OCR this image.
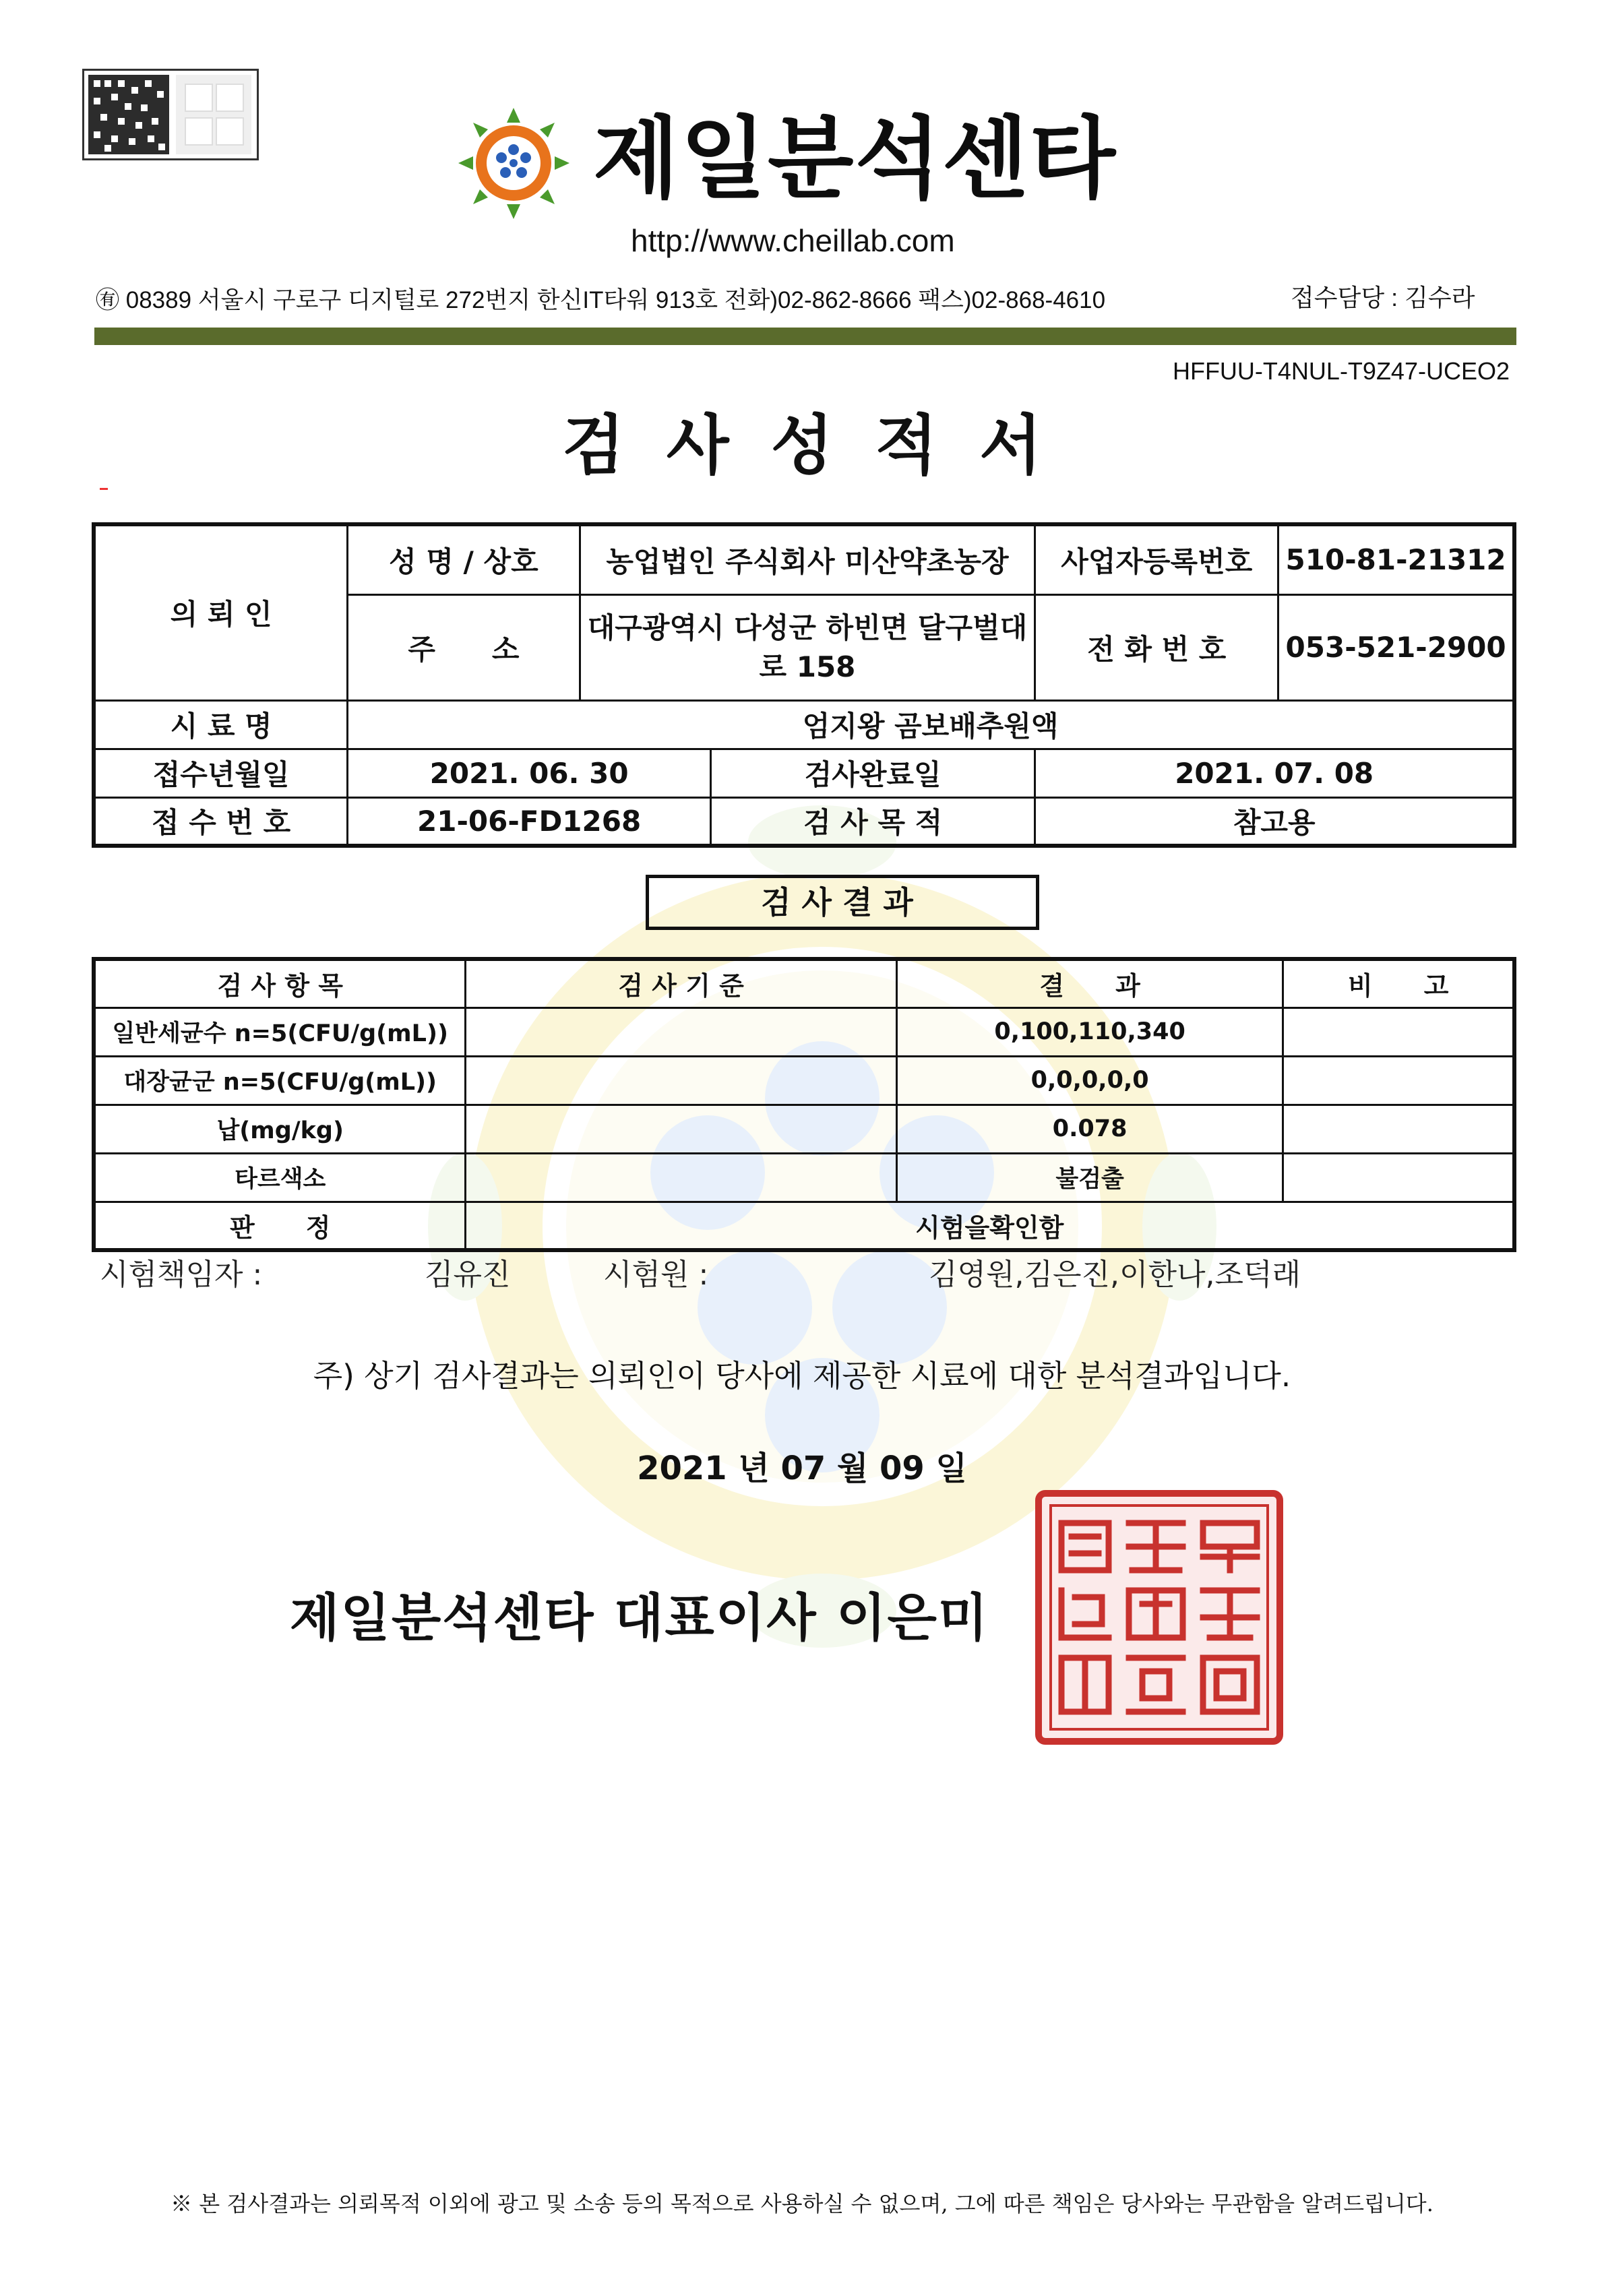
제일분석센타
http://www.cheillab.com
㊒ 08389 서울시 구로구 디지털로 272번지 한신IT타워 913호 전화)02-862-8666 팩스)02-868-4610	접수담당 : 김수라
HFFUU-T4NUL-T9Z47-UCEO2
검사성적서
의 뢰 인	성 명 / 상호	농업법인 주식회사 미산약초농장		사업자등록번호	510-81-21312
	주　　소	대구광역시 다성군 하빈면 달구벌대
로 158		전 화 번 호	053-521-2900
시 료 명	엄지왕 곰보배추원액				
접수년월일	2021. 06. 30		검사완료일	2021. 07. 08	
접 수 번 호	21-06-FD1268		검 사 목 적	참고용	
검사결과
검 사 항 목	검 사 기 준	결　　과	비　　고
일반세균수 n=5(CFU/g(mL))		0,100,110,340	
대장균군 n=5(CFU/g(mL))		0,0,0,0,0	
납(mg/kg)		0.078	
타르색소		불검출	
판　　정	시험을확인함		
시험책임자 :	김유진	시험원 :	김영원,김은진,이한나,조덕래
주) 상기 검사결과는 의뢰인이 당사에 제공한 시료에 대한 분석결과입니다.
2021 년 07 월 09 일
제일분석센타 대표이사 이은미
※ 본 검사결과는 의뢰목적 이외에 광고 및 소송 등의 목적으로 사용하실 수 없으며, 그에 따른 책임은 당사와는 무관함을 알려드립니다.
